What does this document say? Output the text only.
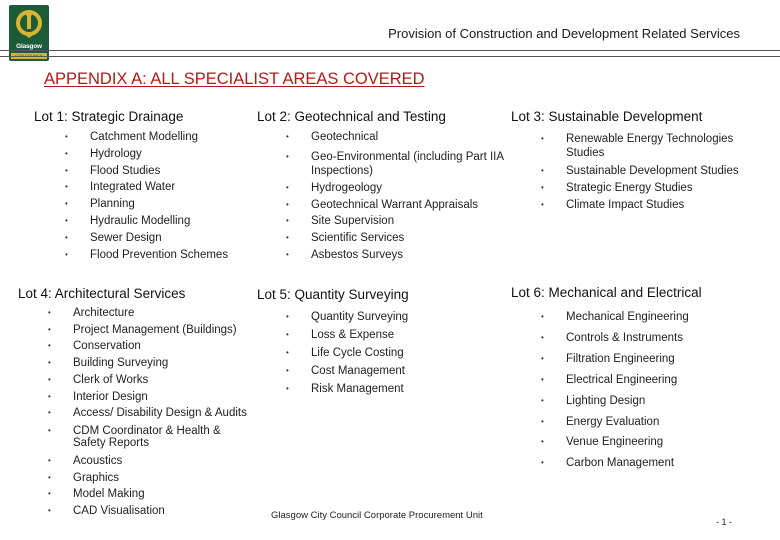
Glasgow
Provision of Construction and Development Related Services
APPENDIX A: ALL SPECIALIST AREAS COVERED
Lot 1: Strategic Drainage
• Catchment Modelling
• Hydrology
• Flood Studies
• Integrated Water
• Planning
• Hydraulic Modelling
• Sewer Design
• Flood Prevention Schemes
Lot 2: Geotechnical and Testing
• Geotechnical
• Geo-Environmental (including Part IIA Inspections)
• Hydrogeology
• Geotechnical Warrant Appraisals
• Site Supervision
• Scientific Services
• Asbestos Surveys
Lot 3: Sustainable Development
• Renewable Energy Technologies Studies
• Sustainable Development Studies
• Strategic Energy Studies
• Climate Impact Studies
Lot 4: Architectural Services
• Architecture
• Project Management (Buildings)
• Conservation
• Building Surveying
• Clerk of Works
• Interior Design
• Access/ Disability Design & Audits
• CDM Coordinator & Health & Safety Reports
• Acoustics
• Graphics
• Model Making
• CAD Visualisation
Lot 5: Quantity Surveying
• Quantity Surveying
• Loss & Expense
• Life Cycle Costing
• Cost Management
• Risk Management
Lot 6: Mechanical and Electrical
• Mechanical Engineering
• Controls & Instruments
• Filtration Engineering
• Electrical Engineering
• Lighting Design
• Energy Evaluation
• Venue Engineering
• Carbon Management
Glasgow City Council Corporate Procurement Unit
- 1 -
